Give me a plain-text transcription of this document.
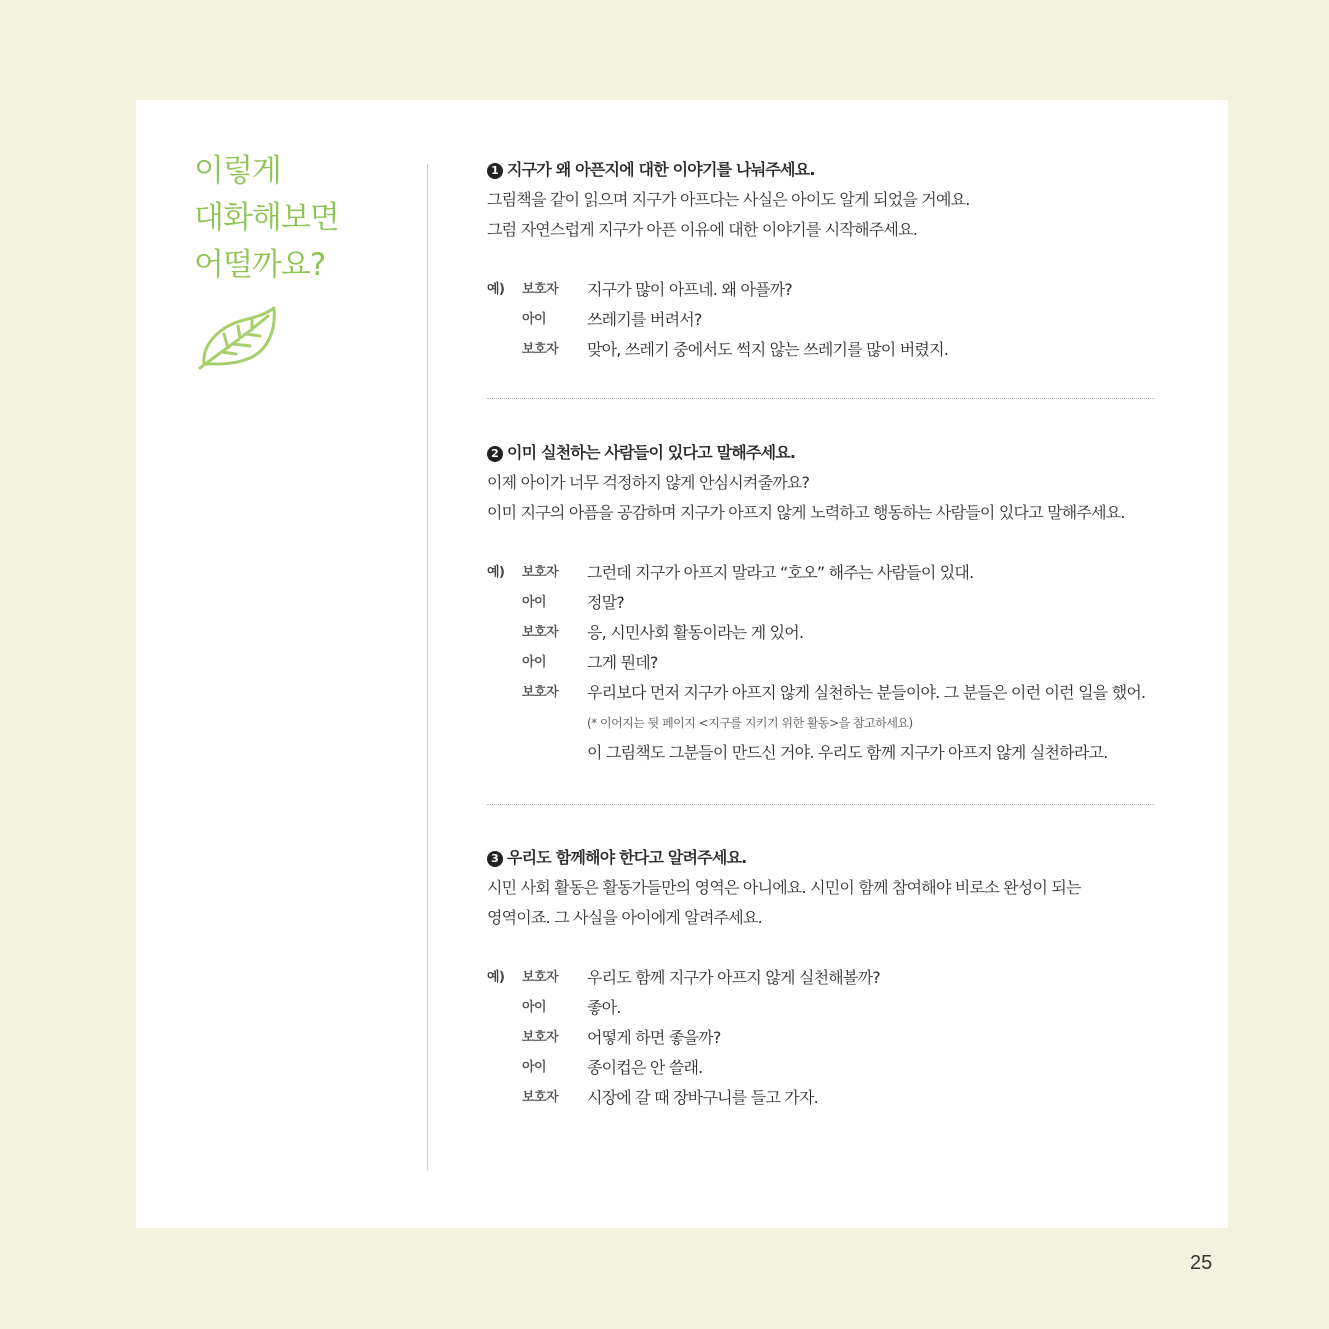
이렇게
대화해보면
어떨까요?
1 지구가 왜 아픈지에 대한 이야기를 나눠주세요.
그림책을 같이 읽으며 지구가 아프다는 사실은 아이도 알게 되었을 거예요.
그럼 자연스럽게 지구가 아픈 이유에 대한 이야기를 시작해주세요.
예) 보호자 지구가 많이 아프네. 왜 아플까?
아이	쓰레기를 버려서?
보호자 맞아, 쓰레기 중에서도 썩지 않는 쓰레기를 많이 버렸지.
2 이미 실천하는 사람들이 있다고 말해주세요.
이제 아이가 너무 걱정하지 않게 안심시켜줄까요?
이미 지구의 아픔을 공감하며 지구가 아프지 않게 노력하고 행동하는 사람들이 있다고 말해주세요.
예) 보호자 그런데 지구가 아프지 말라고 “호오” 해주는 사람들이 있대.
아이	정말?
보호자 응, 시민사회 활동이라는 게 있어.
아이	그게 뭔데?
보호자 우리보다 먼저 지구가 아프지 않게 실천하는 분들이야. 그 분들은 이런 이런 일을 했어.
(* 이어지는 뒷 페이지 <지구를 지키기 위한 활동>을 참고하세요)
이 그림책도 그분들이 만드신 거야. 우리도 함께 지구가 아프지 않게 실천하라고.
3 우리도 함께해야 한다고 알려주세요.
시민 사회 활동은 활동가들만의 영역은 아니에요. 시민이 함께 참여해야 비로소 완성이 되는
영역이죠. 그 사실을 아이에게 알려주세요.
예) 보호자 우리도 함께 지구가 아프지 않게 실천해볼까?
아이	좋아.
보호자 어떻게 하면 좋을까?
아이	종이컵은 안 쓸래.
보호자 시장에 갈 때 장바구니를 들고 가자.
25
